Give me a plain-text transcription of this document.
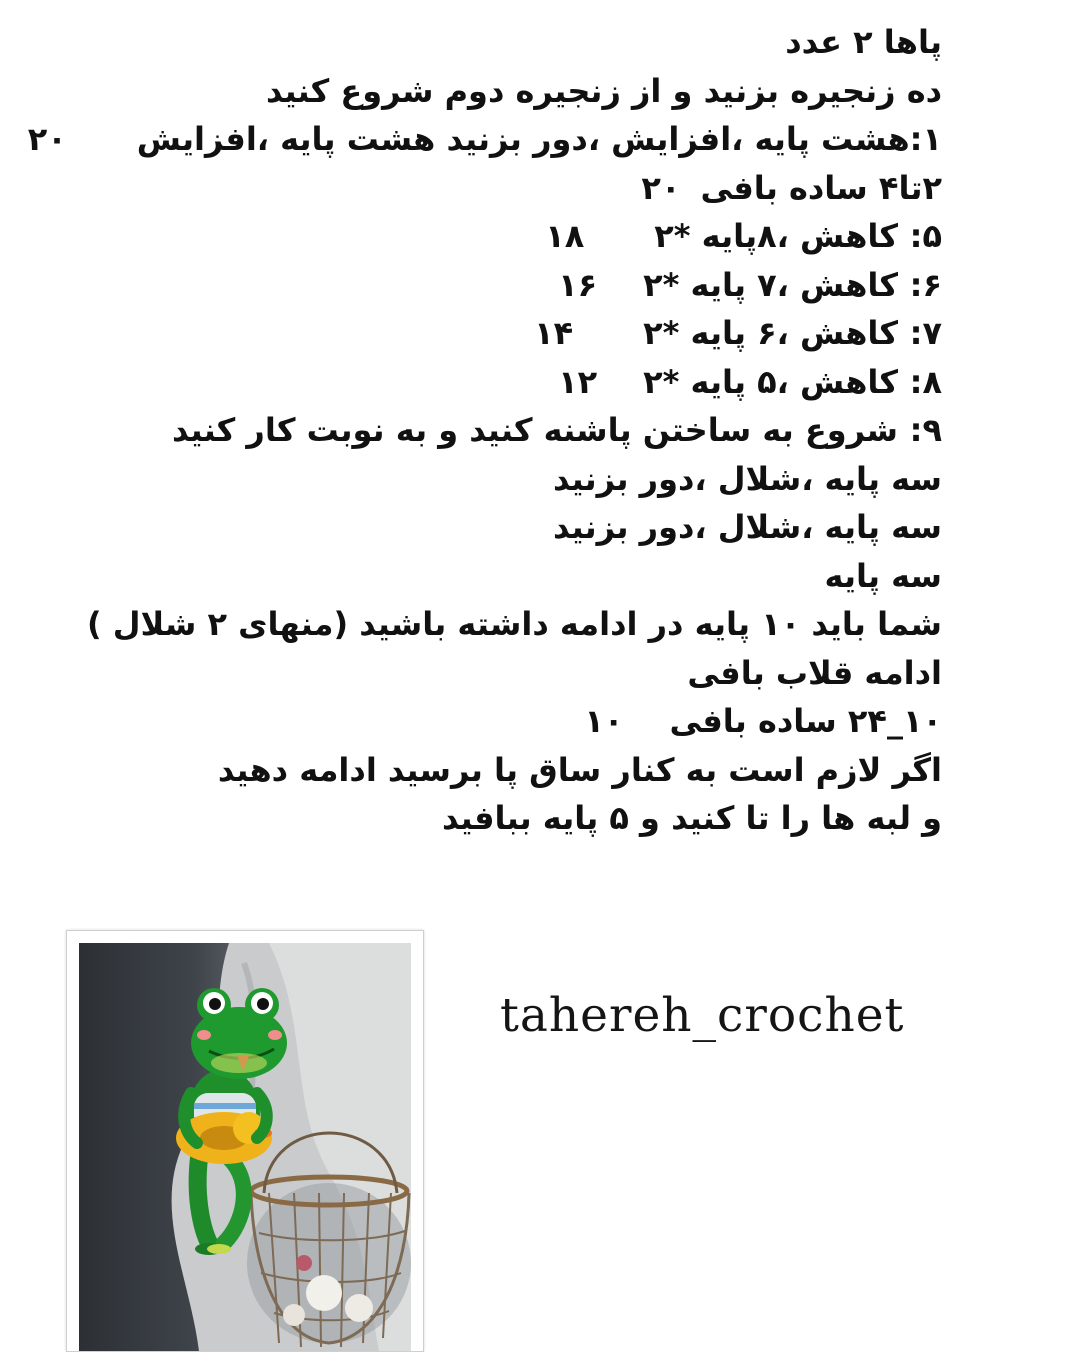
پاها ۲ عدد
ده زنجیره بزنید و از زنجیره دوم شروع کنید
۱:هشت پایه ،افزایش ،دور بزنید هشت پایه ،افزایش۲۰
۲تا۴ ساده بافی۲۰
۵:کاهش ،۸پایه *۲۱۸
۶:کاهش ،۷ پایه *۲۱۶
۷:کاهش ،۶ پایه *۲۱۴
۸:کاهش ،۵ پایه *۲۱۲
۹:شروع به ساختن پاشنه کنید و به نوبت کار کنید
سه پایه ،شلال ،دور بزنید
سه پایه ،شلال ،دور بزنید
سه پایه
شما باید ۱۰ پایه در ادامه داشته باشید (منهای ۲ شلال )
ادامه قلاب بافی
۱۰_۲۴ ساده بافی۱۰
اگر لازم است به کنار ساق پا برسید ادامه دهید
و لبه ها را تا کنید و ۵ پایه ببافید
tahereh_crochet
